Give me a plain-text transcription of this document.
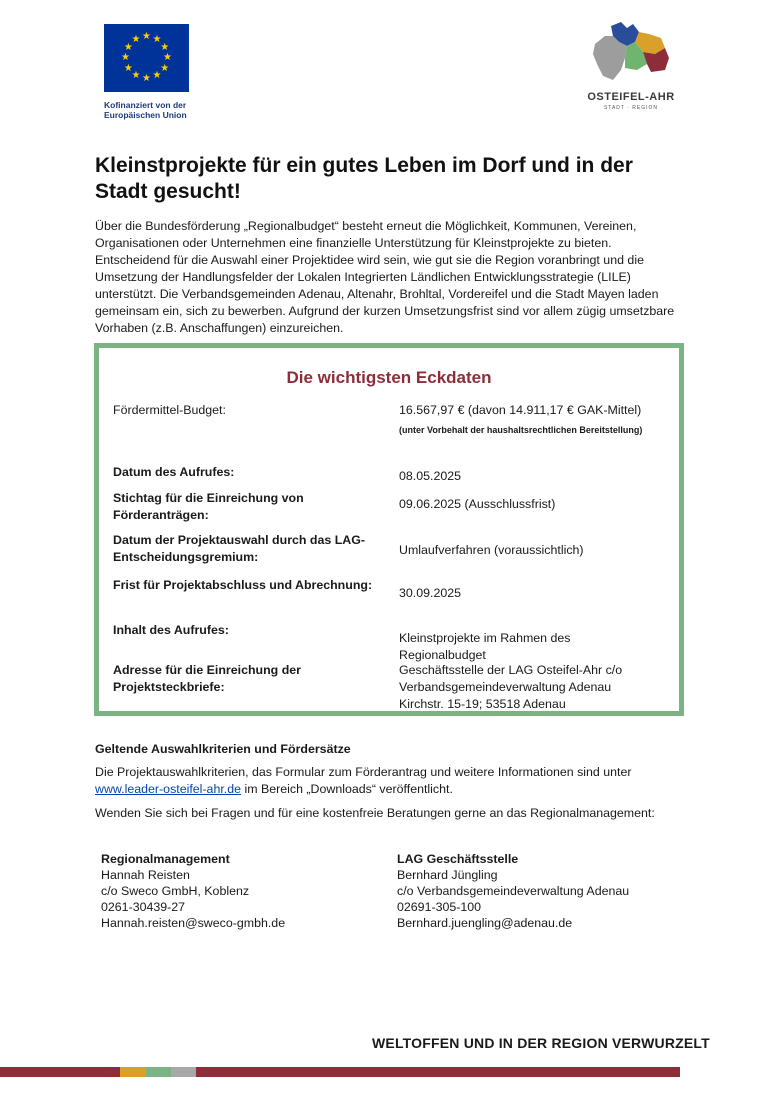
★ ★
★
★
★
★
★
★
★
★
★
★
Kofinanziert von der
Europäischen Union
OSTEIFEL-AHR
STADT · REGION
Kleinstprojekte für ein gutes Leben im Dorf und in der Stadt gesucht!

Über die Bundesförderung „Regionalbudget“ besteht erneut die Möglichkeit, Kommunen, Vereinen, Organisationen oder Unternehmen eine finanzielle Unterstützung für Kleinstprojekte zu bieten. Entscheidend für die Auswahl einer Projektidee wird sein, wie gut sie die Region voranbringt und die Umsetzung der Handlungsfelder der Lokalen Integrierten Ländlichen Entwicklungsstrategie (LILE) unterstützt. Die Verbandsgemeinden Adenau, Altenahr, Brohltal, Vordereifel und die Stadt Mayen laden gemeinsam ein, sich zu bewerben. Aufgrund der kurzen Umsetzungsfrist sind vor allem zügig umsetzbare Vorhaben (z.B. Anschaffungen) einzureichen.

Die wichtigsten Eckdaten
Fördermittel-Budget:	16.567,97 € (davon 14.911,17 € GAK-Mittel)
(unter Vorbehalt der haushaltsrechtlichen Bereitstellung)
Datum des Aufrufes:	08.05.2025
Stichtag für die Einreichung von Förderanträgen:
09.06.2025 (Ausschlussfrist)
Datum der Projektauswahl durch das LAG-Entscheidungsgremium:	Umlaufverfahren (voraussichtlich)
Frist für Projektabschluss und Abrechnung:
30.09.2025
Inhalt des Aufrufes:
Kleinstprojekte im Rahmen des Regionalbudget
Adresse für die Einreichung der Projektsteckbriefe:
Geschäftsstelle der LAG Osteifel-Ahr c/o Verbandsgemeindeverwaltung Adenau Kirchstr. 15-19; 53518 Adenau
Geltende Auswahlkriterien und Fördersätze

Die Projektauswahlkriterien, das Formular zum Förderantrag und weitere Informationen sind unter www.leader-osteifel-ahr.de im Bereich „Downloads“ veröffentlicht.

Wenden Sie sich bei Fragen und für eine kostenfreie Beratungen gerne an das Regionalmanagement:

Regionalmanagement
Hannah Reisten
c/o Sweco GmbH, Koblenz
0261-30439-27
Hannah.reisten@sweco-gmbh.de
LAG Geschäftsstelle
Bernhard Jüngling
c/o Verbandsgemeindeverwaltung Adenau
02691-305-100
Bernhard.juengling@adenau.de
WELTOFFEN UND IN DER REGION VERWURZELT
